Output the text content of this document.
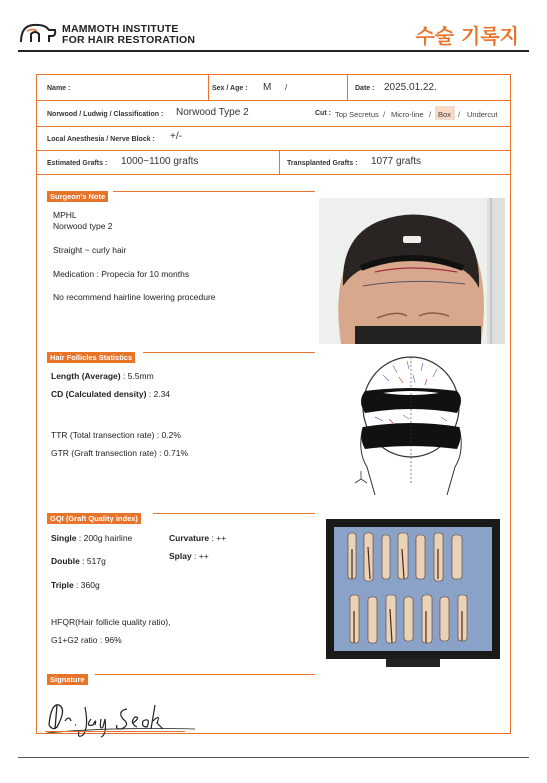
MAMMOTH INSTITUTE
FOR HAIR RESTORATION	수술 기록지
Name :	Sex / Age : M /	Date : 2025.01.22.
Norwood / Ludwig / Classification : Norwood Type 2	Cut : Top Secretus / Micro-line / Box / Undercut
Local Anesthesia / Nerve Block : +/-
Estimated Grafts : 1000~1100 grafts	Transplanted Grafts : 1077 grafts
Surgeon's Note
MPHL
Norwood type 2
Straight ~ curly hair
Medication : Propecia for 10 months
No recommend hairline lowering procedure
Hair Follicles Statistics
Length (Average) : 5.5mm
CD (Calculated density) : 2.34
TTR (Total transection rate) : 0.2%
GTR (Graft transection rate) : 0.71%
GQI (Graft Quality index)
Single : 200g hairline	Curvature : ++
Double : 517g	Splay : ++
Triple : 360g
HFQR(Hair follicle quality ratio),
G1+G2 ratio : 96%
Signature
